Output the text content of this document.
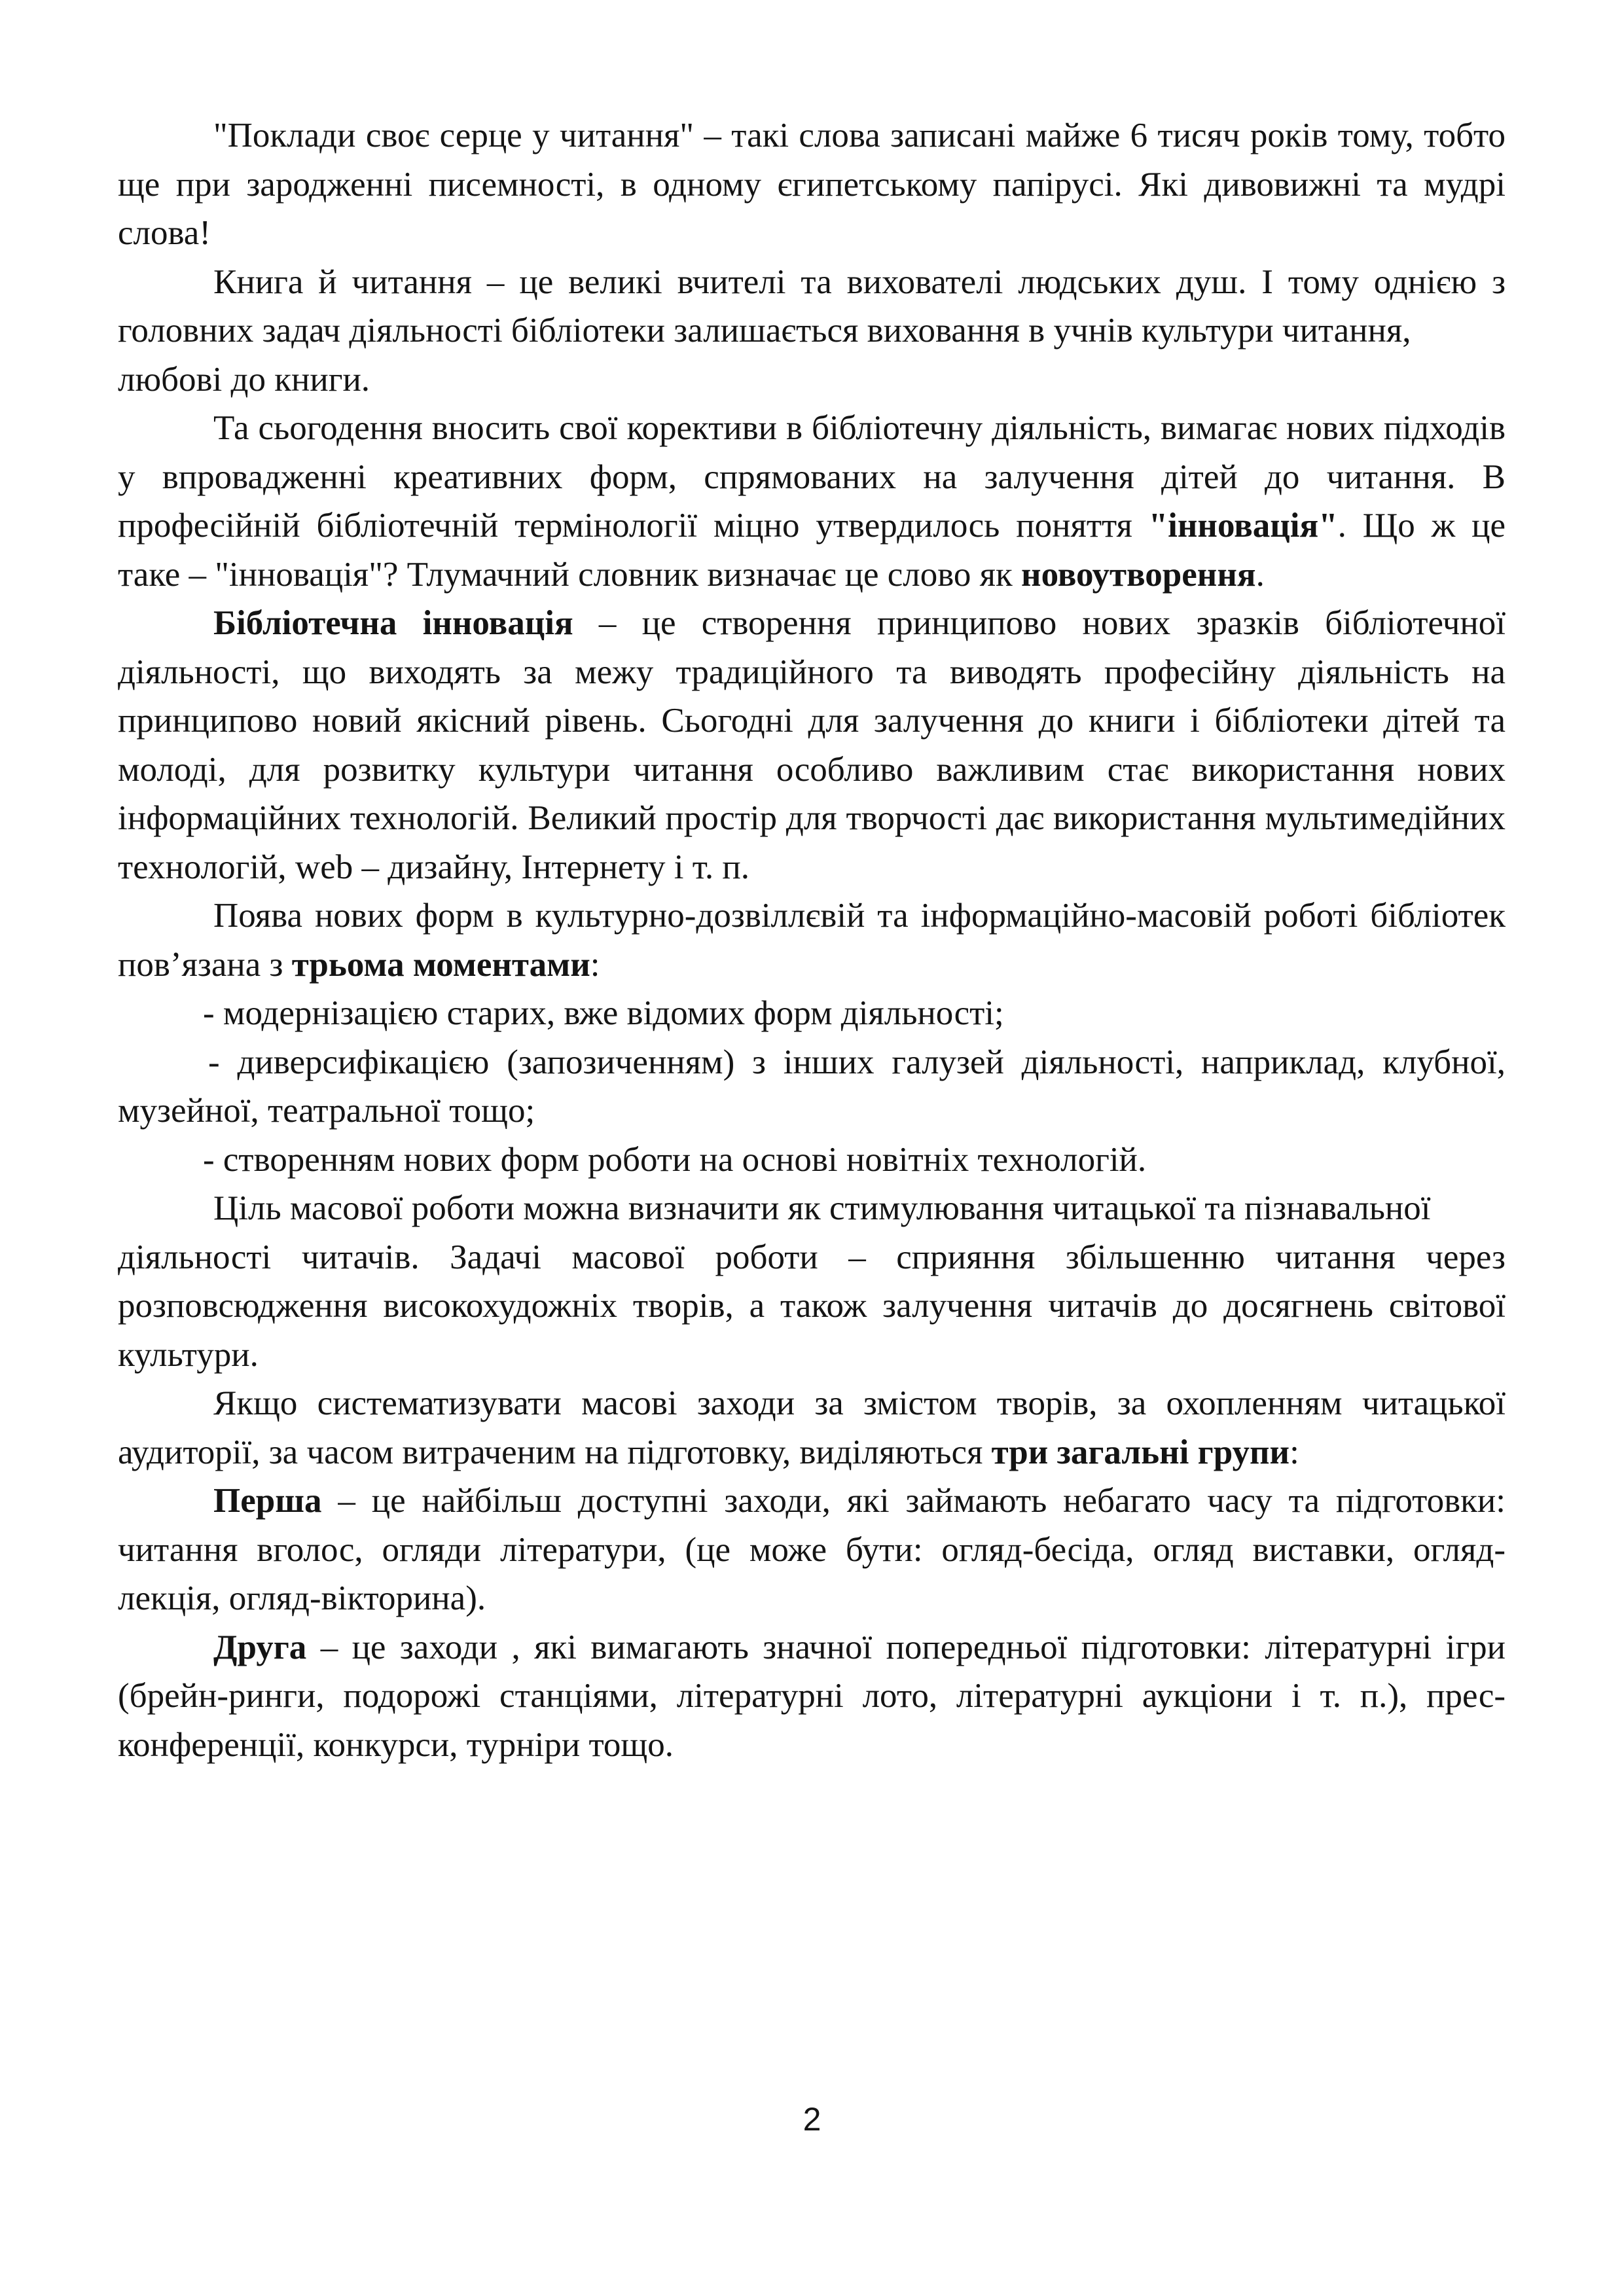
"Поклади своє серце у читання" – такі слова записані майже 6 тисяч років тому, тобто ще при зародженні писемності, в одному єгипетському папірусі. Які дивовижні та мудрі слова!

Книга й читання – це великі вчителі та вихователі людських душ. І тому однією з головних задач діяльності бібліотеки залишається виховання в учнів культури читання,

любові до книги.

Та сьогодення вносить свої корективи в бібліотечну діяльність, вимагає нових підходів у впровадженні креативних форм, спрямованих на залучення дітей до читання. В професійній бібліотечній термінології міцно утвердилось поняття "інновація". Що ж це таке – "інновація"? Тлумачний словник визначає це слово як новоутворення.

Бібліотечна інновація – це створення принципово нових зразків бібліотечної діяльності, що виходять за межу традиційного та виводять професійну діяльність на принципово новий якісний рівень. Сьогодні для залучення до книги і бібліотеки дітей та молоді, для розвитку культури читання особливо важливим стає використання нових інформаційних технологій. Великий простір для творчості дає використання мультимедійних технологій, web – дизайну, Інтернету і т. п.

Поява нових форм в культурно-дозвіллєвій та інформаційно-масовій роботі бібліотек пов’язана з трьома моментами:

- модернізацією старих, вже відомих форм діяльності;

- диверсифікацією (запозиченням) з інших галузей діяльності, наприклад, клубної, музейної, театральної тощо;

- створенням нових форм роботи на основі новітніх технологій.

Ціль масової роботи можна визначити як стимулювання читацької та пізнавальної

діяльності читачів. Задачі масової роботи – сприяння збільшенню читання через розповсюдження високохудожніх творів, а також залучення читачів до досягнень світової культури.

Якщо систематизувати масові заходи за змістом творів, за охопленням читацької аудиторії, за часом витраченим на підготовку, виділяються три загальні групи:

Перша – це найбільш доступні заходи, які займають небагато часу та підготовки: читання вголос, огляди літератури, (це може бути: огляд-бесіда, огляд виставки, огляд-лекція, огляд-вікторина).

Друга – це заходи , які вимагають значної попередньої підготовки: літературні ігри (брейн-ринги, подорожі станціями, літературні лото, літературні аукціони і т. п.), прес-конференції, конкурси, турніри тощо.

2
